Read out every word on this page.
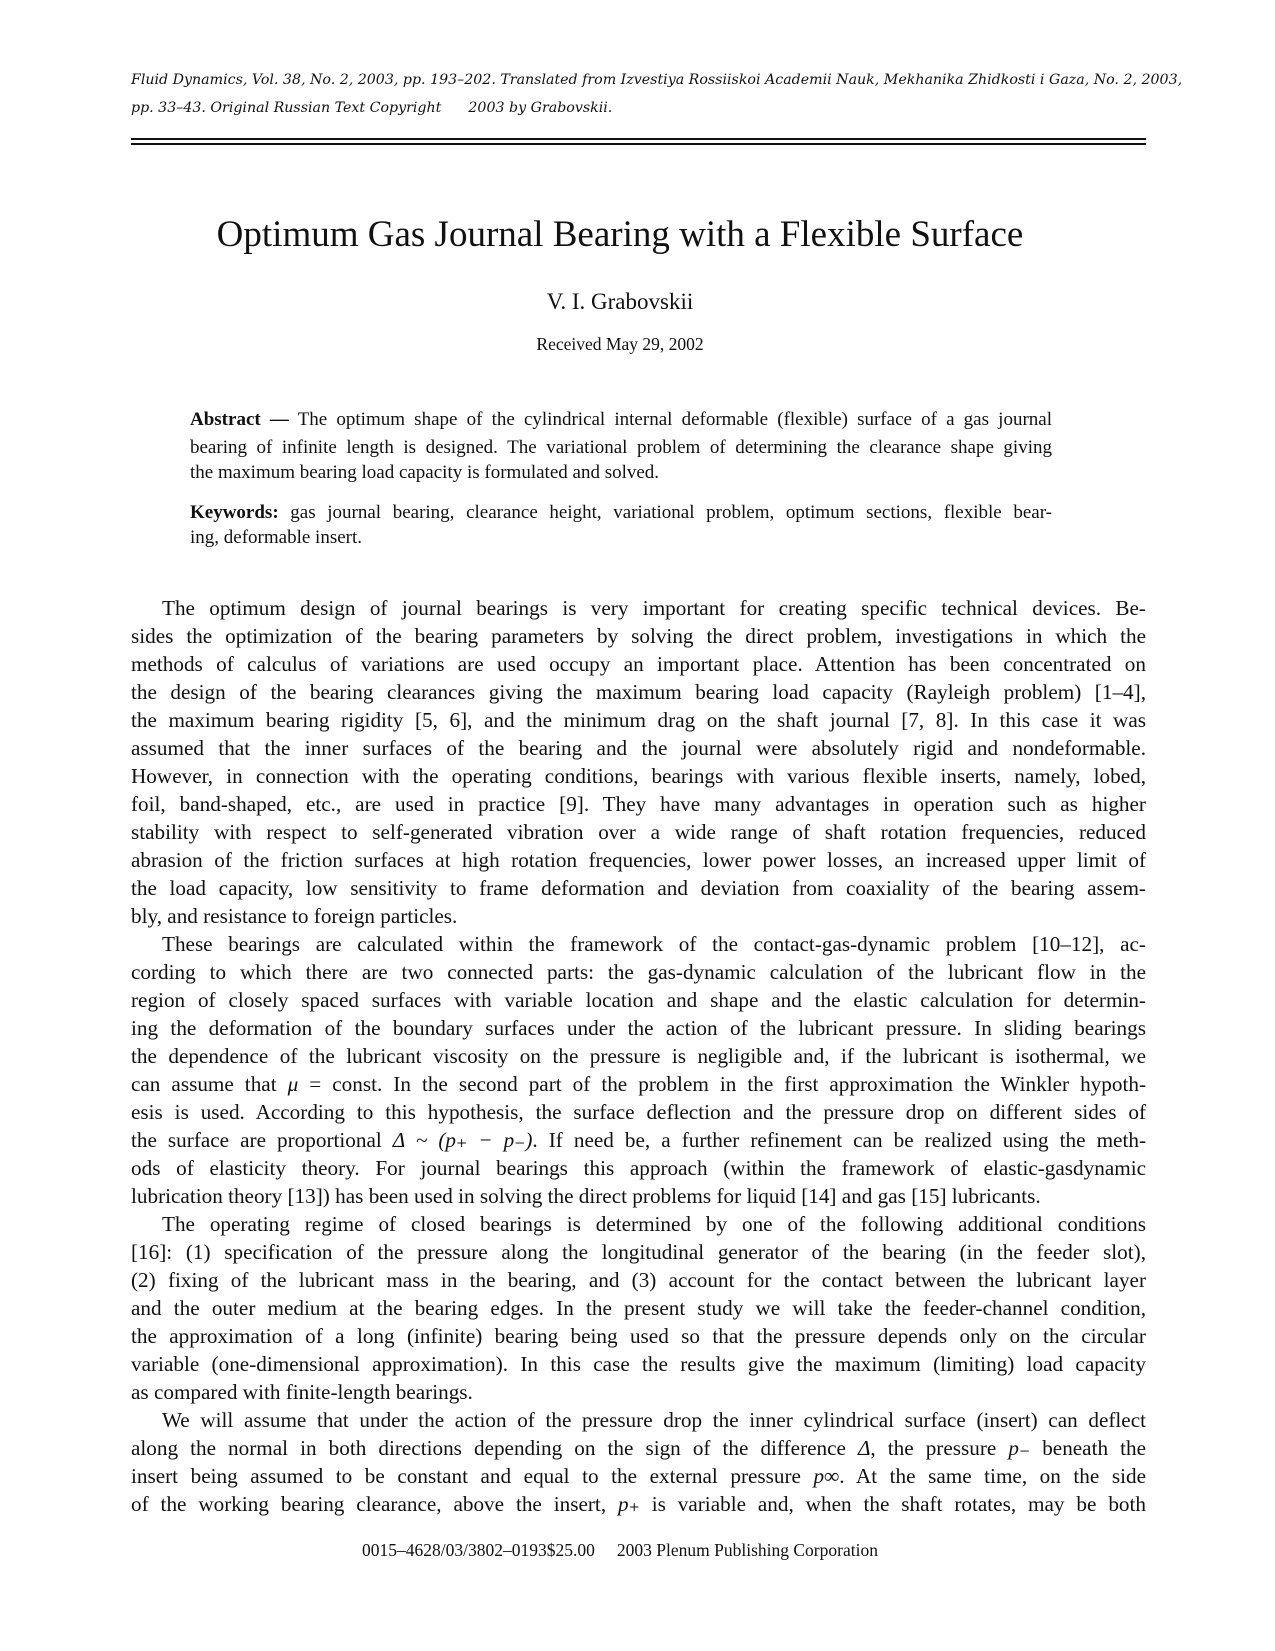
Fluid Dynamics, Vol. 38, No. 2, 2003, pp. 193–202. Translated from Izvestiya Rossiiskoi Academii Nauk, Mekhanika Zhidkosti i Gaza, No. 2, 2003,
pp. 33–43. Original Russian Text Copyright      2003 by Grabovskii.
Optimum Gas Journal Bearing with a Flexible Surface
V. I. Grabovskii
Received May 29, 2002
Abstract — The optimum shape of the cylindrical internal deformable (flexible) surface of a gas journal
bearing of infinite length is designed. The variational problem of determining the clearance shape giving
the maximum bearing load capacity is formulated and solved.
Keywords: gas journal bearing, clearance height, variational problem, optimum sections, flexible bear-
ing, deformable insert.
The optimum design of journal bearings is very important for creating specific technical devices. Be-
sides the optimization of the bearing parameters by solving the direct problem, investigations in which the
methods of calculus of variations are used occupy an important place. Attention has been concentrated on
the design of the bearing clearances giving the maximum bearing load capacity (Rayleigh problem) [1–4],
the maximum bearing rigidity [5, 6], and the minimum drag on the shaft journal [7, 8]. In this case it was
assumed that the inner surfaces of the bearing and the journal were absolutely rigid and nondeformable.
However, in connection with the operating conditions, bearings with various flexible inserts, namely, lobed,
foil, band-shaped, etc., are used in practice [9]. They have many advantages in operation such as higher
stability with respect to self-generated vibration over a wide range of shaft rotation frequencies, reduced
abrasion of the friction surfaces at high rotation frequencies, lower power losses, an increased upper limit of
the load capacity, low sensitivity to frame deformation and deviation from coaxiality of the bearing assem-
bly, and resistance to foreign particles.
These bearings are calculated within the framework of the contact-gas-dynamic problem [10–12], ac-
cording to which there are two connected parts: the gas-dynamic calculation of the lubricant flow in the
region of closely spaced surfaces with variable location and shape and the elastic calculation for determin-
ing the deformation of the boundary surfaces under the action of the lubricant pressure. In sliding bearings
the dependence of the lubricant viscosity on the pressure is negligible and, if the lubricant is isothermal, we
can assume that μ = const. In the second part of the problem in the first approximation the Winkler hypoth-
esis is used. According to this hypothesis, the surface deflection and the pressure drop on different sides of
the surface are proportional Δ ~ (p₊ − p₋). If need be, a further refinement can be realized using the meth-
ods of elasticity theory. For journal bearings this approach (within the framework of elastic-gasdynamic
lubrication theory [13]) has been used in solving the direct problems for liquid [14] and gas [15] lubricants.
The operating regime of closed bearings is determined by one of the following additional conditions
[16]: (1) specification of the pressure along the longitudinal generator of the bearing (in the feeder slot),
(2) fixing of the lubricant mass in the bearing, and (3) account for the contact between the lubricant layer
and the outer medium at the bearing edges. In the present study we will take the feeder-channel condition,
the approximation of a long (infinite) bearing being used so that the pressure depends only on the circular
variable (one-dimensional approximation). In this case the results give the maximum (limiting) load capacity
as compared with finite-length bearings.
We will assume that under the action of the pressure drop the inner cylindrical surface (insert) can deflect
along the normal in both directions depending on the sign of the difference Δ, the pressure p₋ beneath the
insert being assumed to be constant and equal to the external pressure p∞. At the same time, on the side
of the working bearing clearance, above the insert, p₊ is variable and, when the shaft rotates, may be both
0015–4628/03/3802–0193$25.00 2003 Plenum Publishing Corporation
